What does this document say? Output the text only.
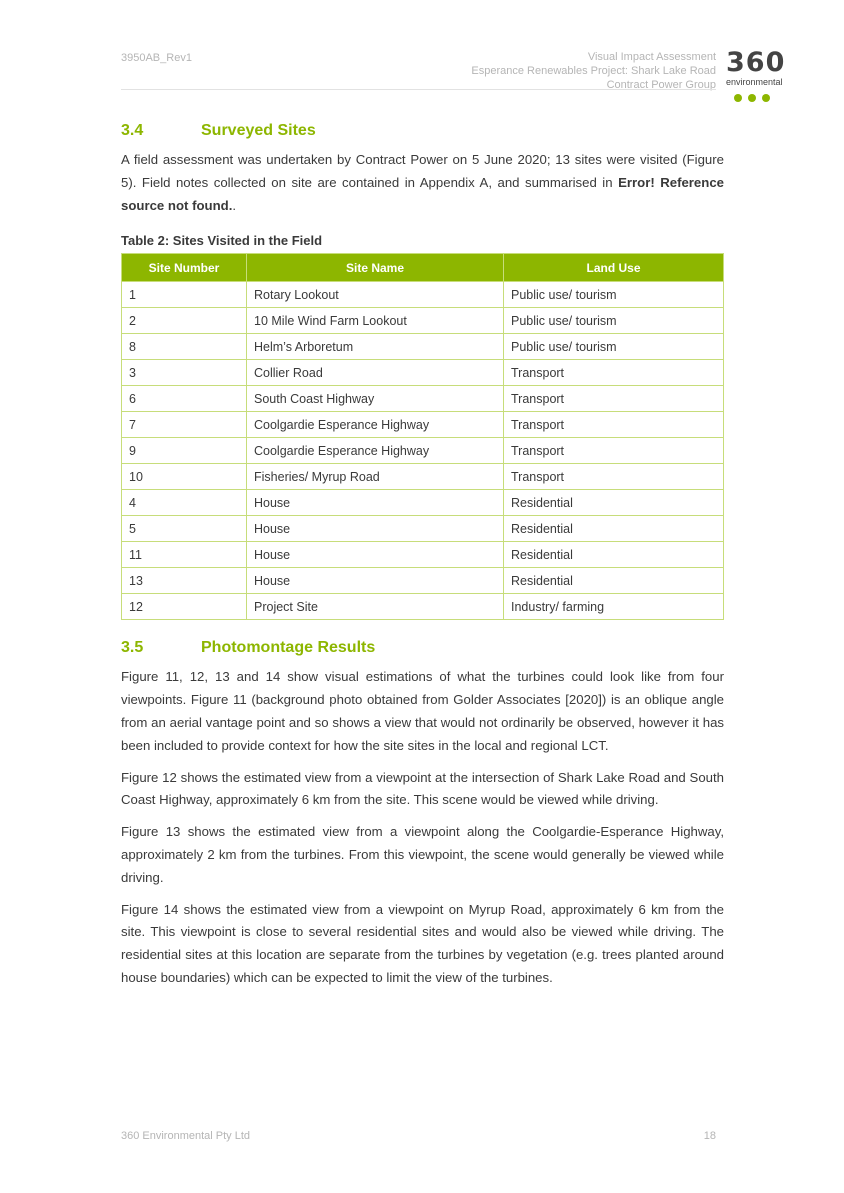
3950AB_Rev1	Visual Impact Assessment
Esperance Renewables Project: Shark Lake Road
Contract Power Group
360
environmental
3.4	Surveyed Sites

A field assessment was undertaken by Contract Power on 5 June 2020; 13 sites were visited (Figure 5). Field notes collected on site are contained in Appendix A, and summarised in Error! Reference source not found..

Table 2: Sites Visited in the Field
Site Number	Site Name	Land Use
1	Rotary Lookout	Public use/ tourism
2	10 Mile Wind Farm Lookout	Public use/ tourism
8	Helm’s Arboretum	Public use/ tourism
3	Collier Road	Transport
6	South Coast Highway	Transport
7	Coolgardie Esperance Highway	Transport
9	Coolgardie Esperance Highway	Transport
10	Fisheries/ Myrup Road	Transport
4	House	Residential
5	House	Residential
11	House	Residential
13	House	Residential
12	Project Site	Industry/ farming
3.5	Photomontage Results

Figure 11, 12, 13 and 14 show visual estimations of what the turbines could look like from four viewpoints. Figure 11 (background photo obtained from Golder Associates [2020]) is an oblique angle from an aerial vantage point and so shows a view that would not ordinarily be observed, however it has been included to provide context for how the site sites in the local and regional LCT.

Figure 12 shows the estimated view from a viewpoint at the intersection of Shark Lake Road and South Coast Highway, approximately 6 km from the site. This scene would be viewed while driving.

Figure 13 shows the estimated view from a viewpoint along the Coolgardie-Esperance Highway, approximately 2 km from the turbines. From this viewpoint, the scene would generally be viewed while driving.

Figure 14 shows the estimated view from a viewpoint on Myrup Road, approximately 6 km from the site. This viewpoint is close to several residential sites and would also be viewed while driving. The residential sites at this location are separate from the turbines by vegetation (e.g. trees planted around house boundaries) which can be expected to limit the view of the turbines.

360 Environmental Pty Ltd	18
